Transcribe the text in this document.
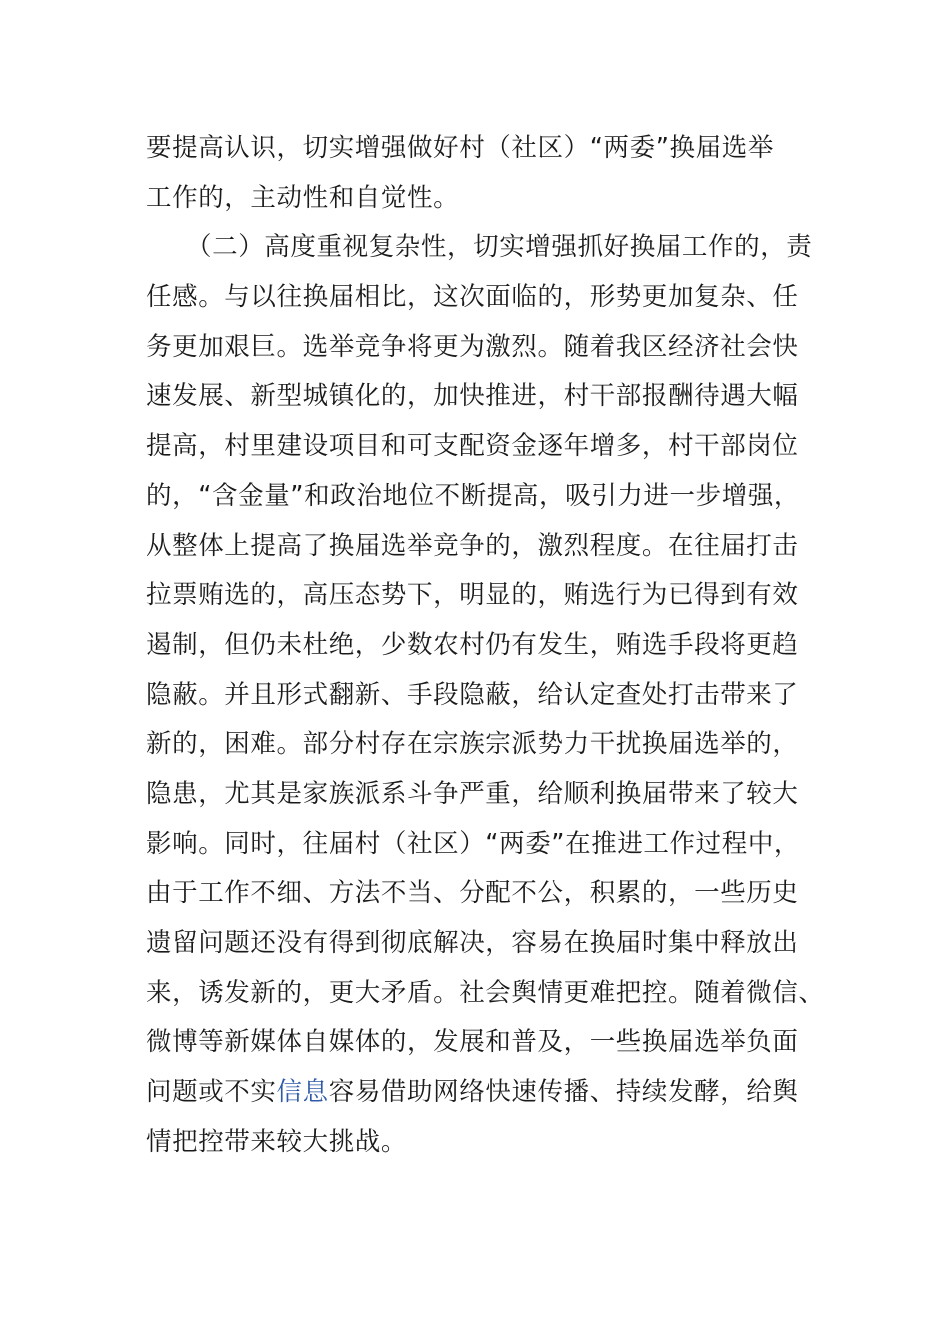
要提高认识，切实增强做好村（社区）“两委”换届选举
工作的，主动性和自觉性。
（二）高度重视复杂性，切实增强抓好换届工作的，责
任感。与以往换届相比，这次面临的，形势更加复杂、任
务更加艰巨。选举竞争将更为激烈。随着我区经济社会快
速发展、新型城镇化的，加快推进，村干部报酬待遇大幅
提高，村里建设项目和可支配资金逐年增多，村干部岗位
的，“含金量”和政治地位不断提高，吸引力进一步增强，
从整体上提高了换届选举竞争的，激烈程度。在往届打击
拉票贿选的，高压态势下，明显的，贿选行为已得到有效
遏制，但仍未杜绝，少数农村仍有发生，贿选手段将更趋
隐蔽。并且形式翻新、手段隐蔽，给认定查处打击带来了
新的，困难。部分村存在宗族宗派势力干扰换届选举的，
隐患，尤其是家族派系斗争严重，给顺利换届带来了较大
影响。同时，往届村（社区）“两委”在推进工作过程中，
由于工作不细、方法不当、分配不公，积累的，一些历史
遗留问题还没有得到彻底解决，容易在换届时集中释放出
来，诱发新的，更大矛盾。社会舆情更难把控。随着微信、
微博等新媒体自媒体的，发展和普及，一些换届选举负面
问题或不实信息容易借助网络快速传播、持续发酵，给舆
情把控带来较大挑战。
